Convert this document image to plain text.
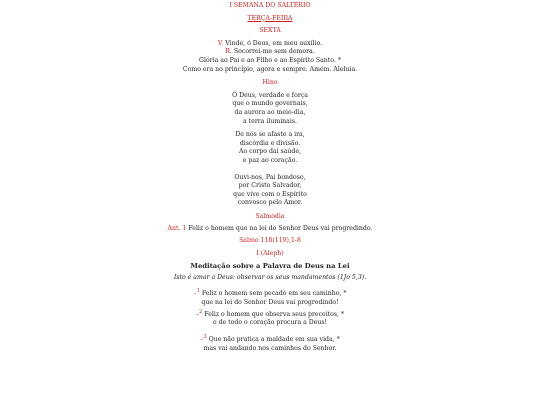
I SEMANA DO SALTÉRIO
TERÇA-FEIRA
SEXTA

V. Vinde, ó Deus, em meu auxílio.

R. Socorrei-me sem demora.

Glória ao Pai e ao Filho e ao Espírito Santo. *

Como era no princípio, agora e sempre. Amém. Aleluia.

Hino

Ó Deus, verdade e força

que o mundo governais,

da aurora ao meio-dia,

a terra iluminais.

De nós se afaste a ira,

discórdia e divisão.

Ao corpo dai saúde,

e paz ao coração.

Ouvi-nos, Pai bondoso,

por Cristo Salvador,

que vive com o Espírito

convosco pelo Amor.

Salmodia

Ant. 1 Feliz o homem que na lei do Senhor Deus vai progredindo.

Salmo 118(119),1-8
I (Aleph)

Meditação sobre a Palavra de Deus na Lei

Isto é amar a Deus: observar os seus mandamentos (1Jo 5,3).

–$^1$ Feliz o homem sem pecado em seu caminho, *

que na lei do Senhor Deus vai progredindo!

–$^2$ Feliz o homem que observa seus preceitos, *

e de todo o coração procura a Deus!

–$^3$ Que não pratica a maldade em sua vida, *

mas vai andando nos caminhos do Senhor.
